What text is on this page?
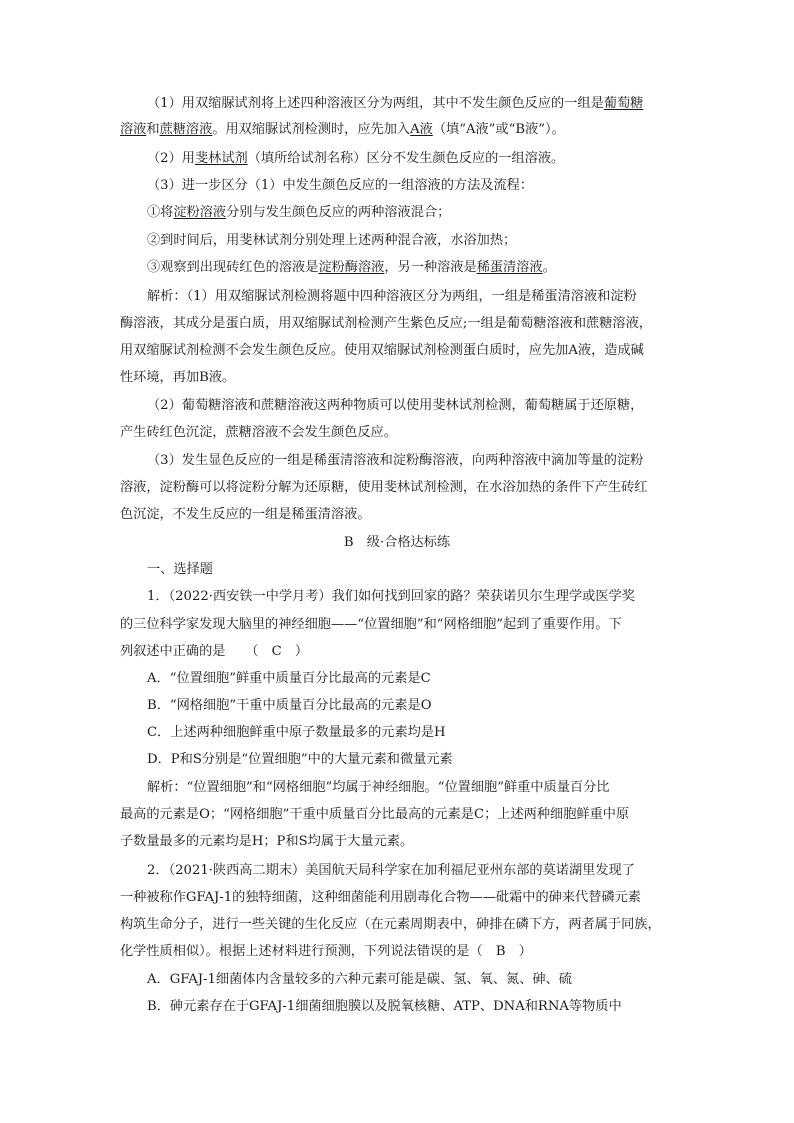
（1）用双缩脲试剂将上述四种溶液区分为两组，其中不发生颜色反应的一组是葡萄糖
溶液和蔗糖溶液。用双缩脲试剂检测时，应先加入A液（填“A液”或“B液”）。
（2）用斐林试剂（填所给试剂名称）区分不发生颜色反应的一组溶液。
（3）进一步区分（1）中发生颜色反应的一组溶液的方法及流程：
①将淀粉溶液分别与发生颜色反应的两种溶液混合；
②到时间后，用斐林试剂分别处理上述两种混合液，水浴加热；
③观察到出现砖红色的溶液是淀粉酶溶液，另一种溶液是稀蛋清溶液。
解析：（1）用双缩脲试剂检测将题中四种溶液区分为两组，一组是稀蛋清溶液和淀粉
酶溶液，其成分是蛋白质，用双缩脲试剂检测产生紫色反应;一组是葡萄糖溶液和蔗糖溶液，
用双缩脲试剂检测不会发生颜色反应。使用双缩脲试剂检测蛋白质时，应先加A液，造成碱
性环境，再加B液。
（2）葡萄糖溶液和蔗糖溶液这两种物质可以使用斐林试剂检测，葡萄糖属于还原糖，
产生砖红色沉淀，蔗糖溶液不会发生颜色反应。
（3）发生显色反应的一组是稀蛋清溶液和淀粉酶溶液，向两种溶液中滴加等量的淀粉
溶液，淀粉酶可以将淀粉分解为还原糖，使用斐林试剂检测，在水浴加热的条件下产生砖红
色沉淀，不发生反应的一组是稀蛋清溶液。
B　级·合格达标练
一、选择题
1．（2022·西安铁一中学月考）我们如何找到回家的路？荣获诺贝尔生理学或医学奖
的三位科学家发现大脑里的神经细胞——“位置细胞”和“网格细胞”起到了重要作用。下
列叙述中正确的是　　（　C　）
A．“位置细胞”鲜重中质量百分比最高的元素是C
B．“网格细胞”干重中质量百分比最高的元素是O
C．上述两种细胞鲜重中原子数量最多的元素均是H
D．P和S分别是“位置细胞”中的大量元素和微量元素
解析：“位置细胞”和“网格细胞”均属于神经细胞。“位置细胞”鲜重中质量百分比
最高的元素是O；“网格细胞”干重中质量百分比最高的元素是C；上述两种细胞鲜重中原
子数量最多的元素均是H；P和S均属于大量元素。
2．（2021·陕西高二期末）美国航天局科学家在加利福尼亚州东部的莫诺湖里发现了
一种被称作GFAJ-1的独特细菌，这种细菌能利用剧毒化合物——砒霜中的砷来代替磷元素
构筑生命分子，进行一些关键的生化反应（在元素周期表中，砷排在磷下方，两者属于同族，
化学性质相似）。根据上述材料进行预测，下列说法错误的是（　B　）
A．GFAJ-1细菌体内含量较多的六种元素可能是碳、氢、氧、氮、砷、硫
B．砷元素存在于GFAJ-1细菌细胞膜以及脱氧核糖、ATP、DNA和RNA等物质中
